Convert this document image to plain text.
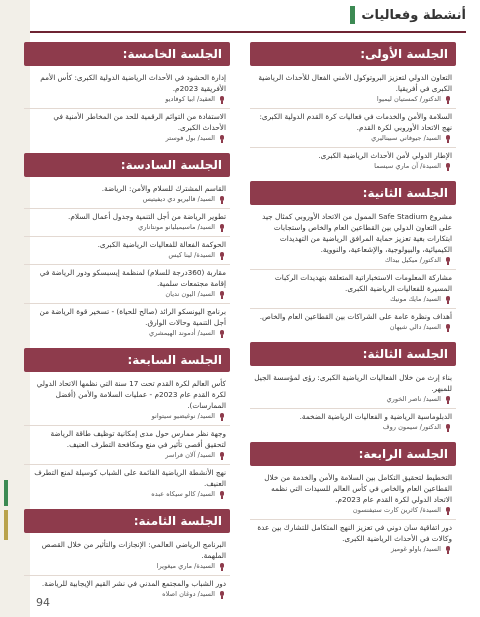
أنشطة وفعاليات
الجلسة الأولى:
التعاون الدولي لتعزيز البروتوكول الأمني الفعال للأحداث الرياضية الكبرى في أفريقيا.
الدكتور/ كمستيان ليميوا
السلامة والأمن والخدمات في فعاليات كرة القدم الدولية الكبرى: نهج الاتحاد الأوروبي لكرة القدم.
السيد/ جيوفاني سبيناليري
الإطار الدولي لأمن الأحداث الرياضية الكبرى.
السيدة/ آن ماري سيسما
الجلسة الثانية:
مشروع Safe Stadium الممول من الاتحاد الأوروبي كمثال جيد على التعاون الدولي بين القطاعين العام والخاص واستجابات ابتكارات بغية تعزيز حماية المرافق الرياضية من التهديدات الكيميائية، والبيولوجية، والإشعاعية، والنووية.
الدكتور/ ميكيل بيداك
مشاركة المعلومات الاستخباراتية المتعلقة بتهديدات الركبات المسيرة للفعاليات الرياضية الكبرى.
السيد/ مايك مونيك
أهداف ونظرة عامة على الشراكات بين القطاعين العام والخاص.
السيد/ دالي شيهان
الجلسة الثالثة:
بناء إرث من خلال الفعاليات الرياضية الكبرى: رؤى لمؤسسة الجيل للمبهر.
السيد/ ناصر الخوري
الدبلوماسية الرياضية و الفعاليات الرياضية الضخمة.
الدكتور/ سيمون روف
الجلسة الرابعة:
التخطيط لتحقيق التكامل بين السلامة والأمن والخدمة من خلال القطاعين العام والخاص في كأس العالم للسيدات التي نظمه الاتحاد الدولي لكرة القدم عام 2023م.
السيدة/ كاثرين كارت ستيفنسون
دور اتفاقية سان دوني في تعزيز النهج المتكامل للتشارك بين عدة وكالات في الأحداث الرياضية الكبرى.
السيد/ باولو غوميز
الجلسة الخامسة:
إدارة الحشود في الأحداث الرياضية الدولية الكبرى: كأس الأمم الأفريقية 2023م.
العقيد/ ابيا كوفاديو
الاستفادة من التوائم الرقمية للحد من المخاطر الأمنية في الأحداث الكبرى.
السيد/ بول فوستر
الجلسة السادسة:
القاسم المشترك للسلام والأمن: الرياضة.
السيد/ فاليريو دي ديفيتيس
تطوير الرياضة من أجل التنمية وجدول أعمال السلام.
السيد/ ماسيميليانو مونتاناري
الحوكمة الفعالة للفعاليات الرياضية الكبرى.
السيدة/ لينا كيس
مقاربة (360درجة للسلام) لمنظمة إيسبسكو ودور الرياضة في إقامة مجتمعات سلمية.
السيد/ اليون نديان
برنامج اليونسكو الرائد (صالح للحياة) - تسخير قوة الرياضة من أجل التنمية وحالات الوارق.
السيد/ أدموند الهيمشري
الجلسة السابعة:
كأس العالم لكرة القدم تحت 17 سنة التي نظمها الاتحاد الدولي لكرة القدم عام 2023م - عمليات السلامة والأمن (أفضل الممارسات).
السيد/ نوغيضيو سيتوانو
وجهة نظر ممارس حول مدى إمكانية توظيف طاقة الرياضة لتحقيق أقصى تأثير في منع ومكافحة التطرف العنيف.
السيد/ آلان فراسر
نهج الأنشطة الرياضية القائمة على الشباب كوسيلة لمنع التطرف العنيف.
السيد/ كالو سيكاه عبده
الجلسة الثامنة:
البرنامج الرياضي العالمي: الإنجازات والتأثير من خلال القصص الملهمة.
السيدة/ ماري ميغويرا
دور الشباب والمجتمع المدني في نشر القيم الإيجابية للرياضة.
السيد/ دوغان اصلاه
94
